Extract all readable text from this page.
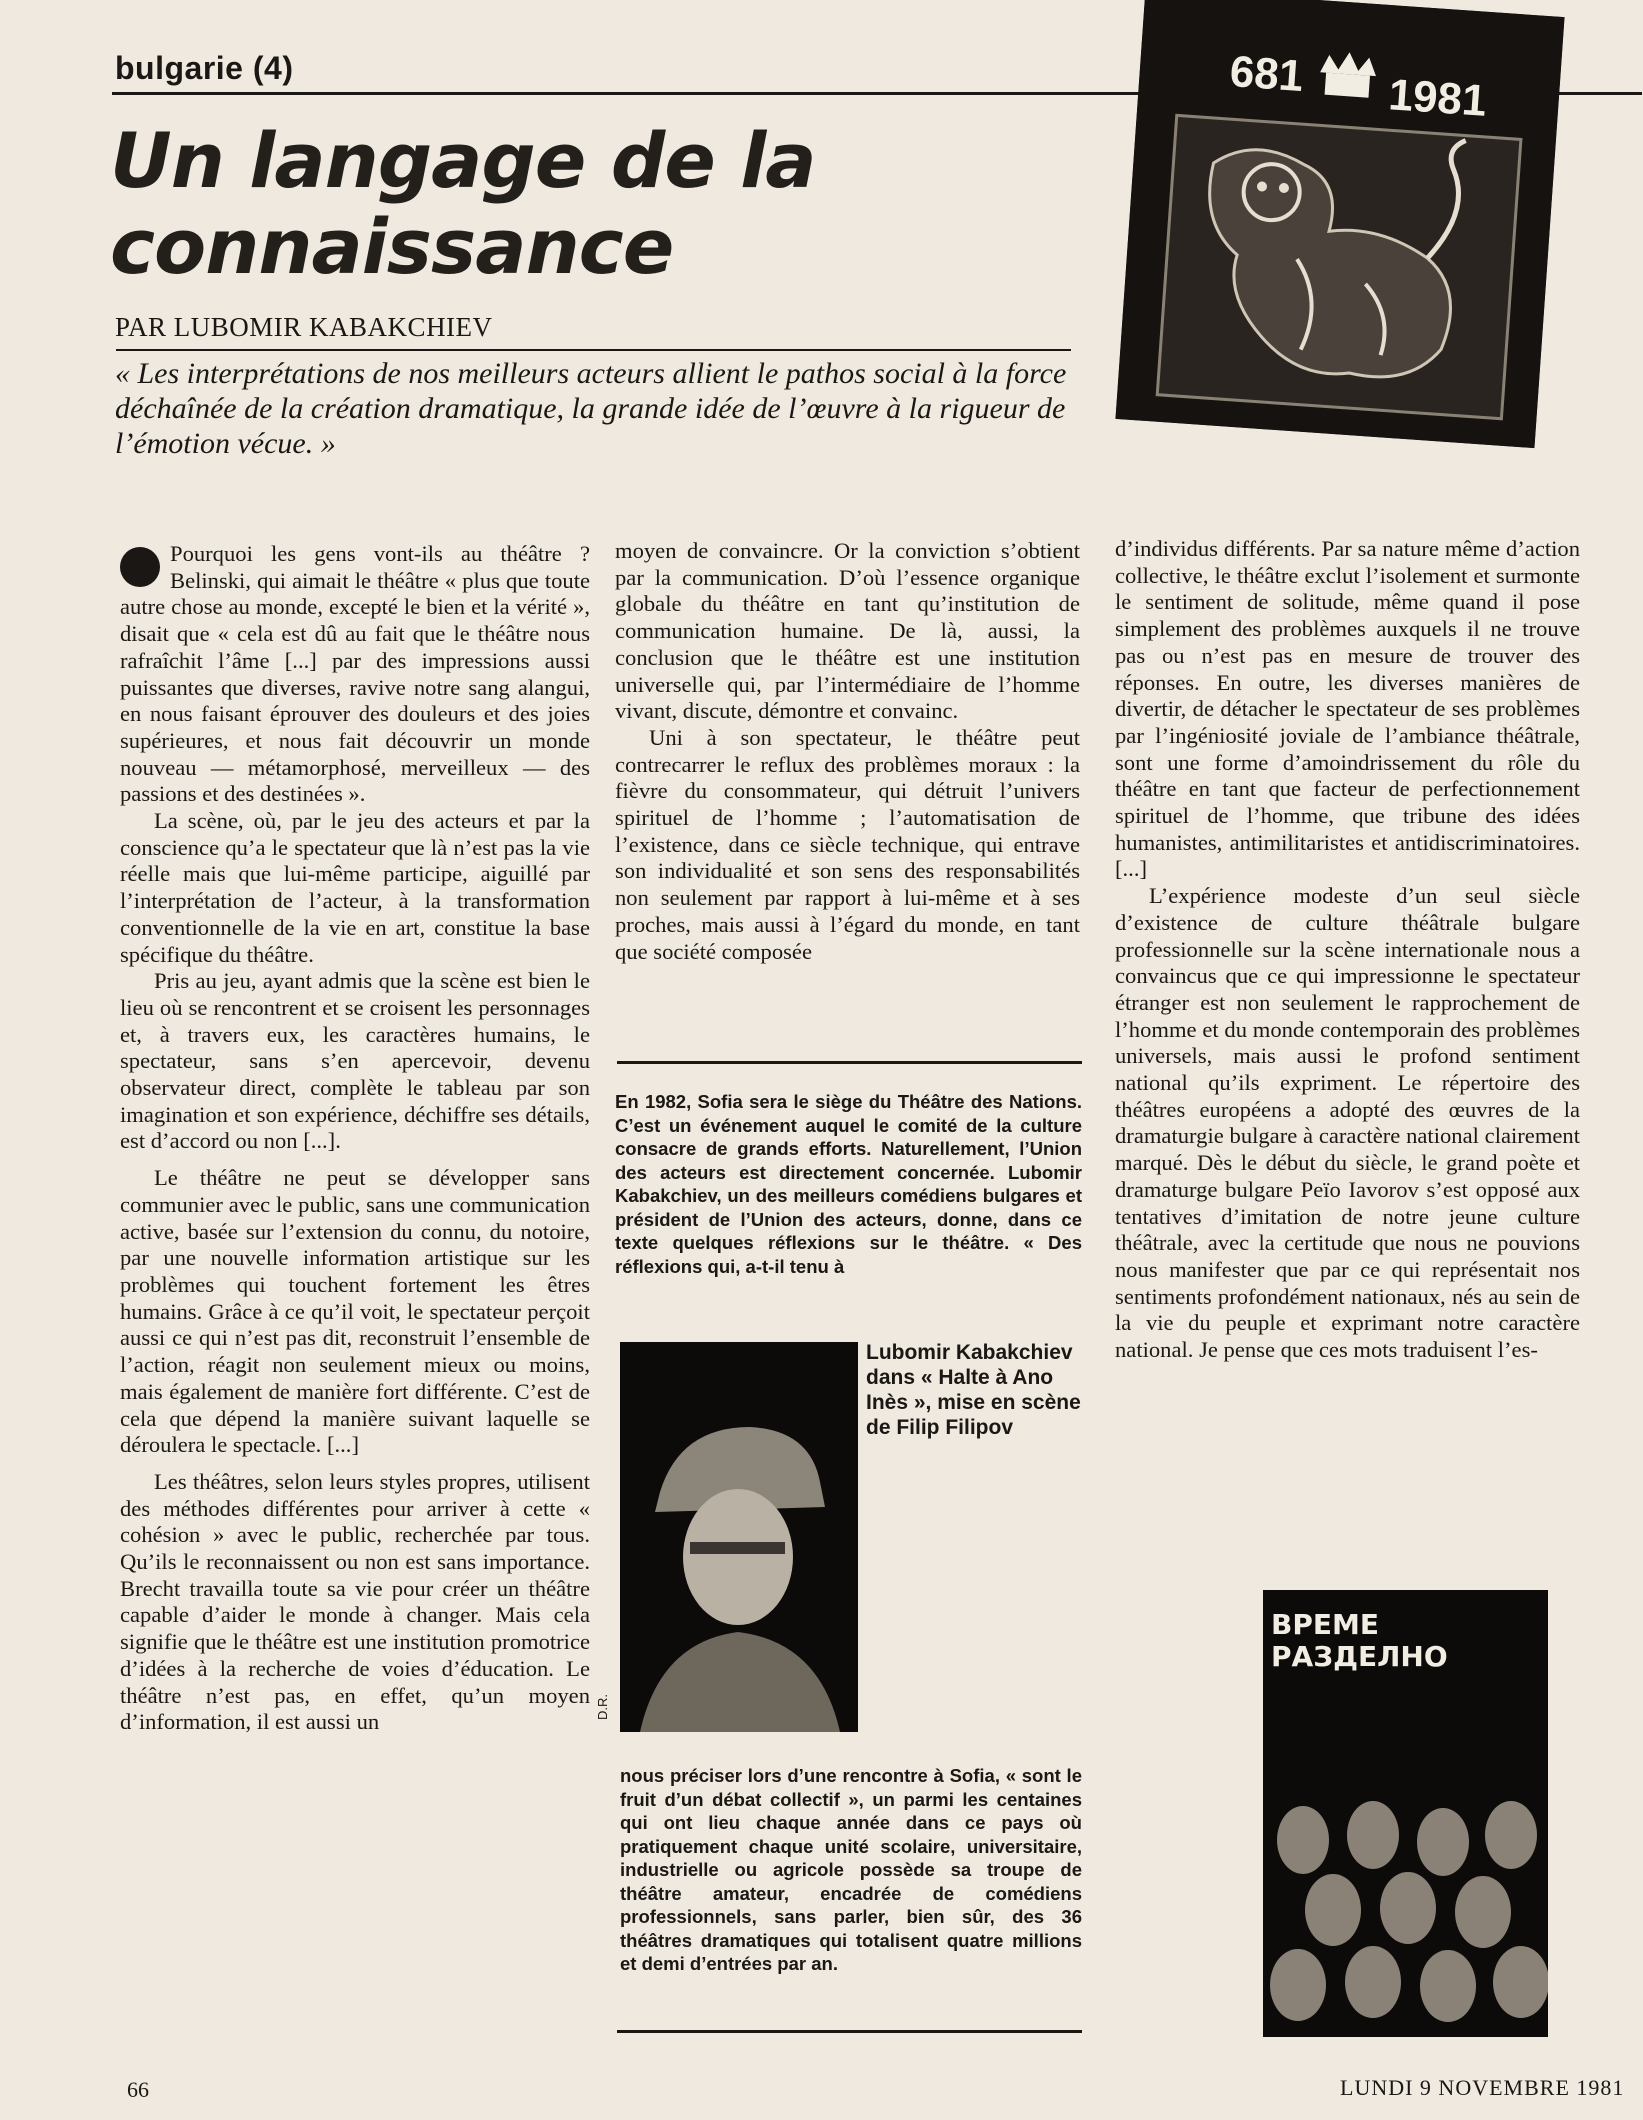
bulgarie (4)
Un langage de la
connaissance
PAR LUBOMIR KABAKCHIEV
« Les interprétations de nos meilleurs acteurs allient le pathos social à la force déchaînée de la création dramatique, la grande idée de l’œuvre à la rigueur de l’émotion vécue. »
681 1981

Pourquoi les gens vont-ils au théâtre ? Belinski, qui aimait le théâtre « plus que toute autre chose au monde, excepté le bien et la vérité », disait que « cela est dû au fait que le théâtre nous rafraîchit l’âme [...] par des impressions aussi puissantes que diverses, ravive notre sang alangui, en nous faisant éprouver des douleurs et des joies supérieures, et nous fait découvrir un monde nouveau — métamorphosé, merveilleux — des passions et des destinées ».

La scène, où, par le jeu des acteurs et par la conscience qu’a le spectateur que là n’est pas la vie réelle mais que lui-même participe, aiguillé par l’interprétation de l’acteur, à la transformation conventionnelle de la vie en art, constitue la base spécifique du théâtre.

Pris au jeu, ayant admis que la scène est bien le lieu où se rencontrent et se croisent les personnages et, à travers eux, les caractères humains, le spectateur, sans s’en apercevoir, devenu observateur direct, complète le tableau par son imagination et son expérience, déchiffre ses détails, est d’accord ou non [...].

Le théâtre ne peut se développer sans communier avec le public, sans une communication active, basée sur l’extension du connu, du notoire, par une nouvelle information artistique sur les problèmes qui touchent fortement les êtres humains. Grâce à ce qu’il voit, le spectateur perçoit aussi ce qui n’est pas dit, reconstruit l’ensemble de l’action, réagit non seulement mieux ou moins, mais également de manière fort différente. C’est de cela que dépend la manière suivant laquelle se déroulera le spectacle. [...]

Les théâtres, selon leurs styles propres, utilisent des méthodes différentes pour arriver à cette « cohésion » avec le public, recherchée par tous. Qu’ils le reconnaissent ou non est sans importance. Brecht travailla toute sa vie pour créer un théâtre capable d’aider le monde à changer. Mais cela signifie que le théâtre est une institution promotrice d’idées à la recherche de voies d’éducation. Le théâtre n’est pas, en effet, qu’un moyen d’information, il est aussi un

moyen de convaincre. Or la conviction s’obtient par la communication. D’où l’essence organique globale du théâtre en tant qu’institution de communication humaine. De là, aussi, la conclusion que le théâtre est une institution universelle qui, par l’intermédiaire de l’homme vivant, discute, démontre et convainc.

Uni à son spectateur, le théâtre peut contrecarrer le reflux des problèmes moraux : la fièvre du consommateur, qui détruit l’univers spirituel de l’homme ; l’automatisation de l’existence, dans ce siècle technique, qui entrave son individualité et son sens des responsabilités non seulement par rapport à lui-même et à ses proches, mais aussi à l’égard du monde, en tant que société composée

En 1982, Sofia sera le siège du Théâtre des Nations. C’est un événement auquel le comité de la culture consacre de grands efforts. Naturellement, l’Union des acteurs est directement concernée. Lubomir Kabakchiev, un des meilleurs comédiens bulgares et président de l’Union des acteurs, donne, dans ce texte quelques réflexions sur le théâtre. « Des réflexions qui, a-t-il tenu à
D.R.
Lubomir Kabakchiev dans « Halte à Ano Inès », mise en scène de Filip Filipov
nous préciser lors d’une rencontre à Sofia, « sont le fruit d’un débat collectif », un parmi les centaines qui ont lieu chaque année dans ce pays où pratiquement chaque unité scolaire, universitaire, industrielle ou agricole possède sa troupe de théâtre amateur, encadrée de comédiens professionnels, sans parler, bien sûr, des 36 théâtres dramatiques qui totalisent quatre millions et demi d’entrées par an.

d’individus différents. Par sa nature même d’action collective, le théâtre exclut l’isolement et surmonte le sentiment de solitude, même quand il pose simplement des problèmes auxquels il ne trouve pas ou n’est pas en mesure de trouver des réponses. En outre, les diverses manières de divertir, de détacher le spectateur de ses problèmes par l’ingéniosité joviale de l’ambiance théâtrale, sont une forme d’amoindrissement du rôle du théâtre en tant que facteur de perfectionnement spirituel de l’homme, que tribune des idées humanistes, antimilitaristes et antidiscriminatoires. [...]

L’expérience modeste d’un seul siècle d’existence de culture théâtrale bulgare professionnelle sur la scène internationale nous a convaincus que ce qui impressionne le spectateur étranger est non seulement le rapprochement de l’homme et du monde contemporain des problèmes universels, mais aussi le profond sentiment national qu’ils expriment. Le répertoire des théâtres européens a adopté des œuvres de la dramaturgie bulgare à caractère national clairement marqué. Dès le début du siècle, le grand poète et dramaturge bulgare Peïo Iavorov s’est opposé aux tentatives d’imitation de notre jeune culture théâtrale, avec la certitude que nous ne pouvions nous manifester que par ce qui représentait nos sentiments profondément nationaux, nés au sein de la vie du peuple et exprimant notre caractère national. Je pense que ces mots traduisent l’es-

ВРЕМЕ
РАЗДЕЛНО
66	LUNDI 9 NOVEMBRE 1981
